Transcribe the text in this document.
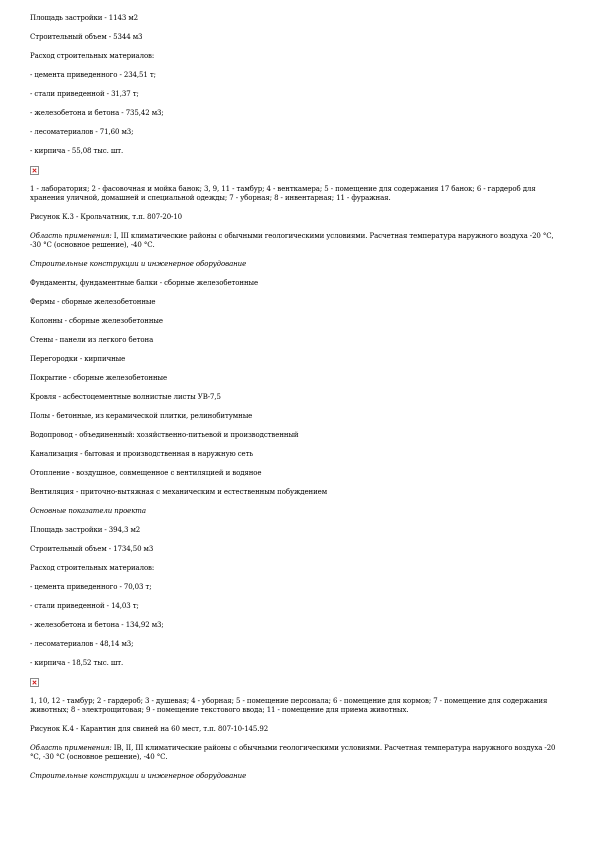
Площадь застройки - 1143 м2

Строительный объем - 5344 м3

Расход строительных материалов:

- цемента приведенного - 234,51 т;

- стали приведенной - 31,37 т;

- железобетона и бетона - 735,42 м3;

- лесоматериалов - 71,60 м3;

- кирпича - 55,08 тыс. шт.

1 - лаборатория; 2 - фасовочная и мойка банок; 3, 9, 11 - тамбур; 4 - венткамера; 5 - помещение для содержания 17 банок; 6 - гардероб для хранения уличной, домашней и специальной одежды; 7 - уборная; 8 - инвентарная; 11 - фуражная.

Рисунок К.3 - Крольчатник, т.п. 807-20-10

Область применения: I, III климатические районы с обычными геологическими условиями. Расчетная температура наружного воздуха -20 °С, -30 °С (основное решение), -40 °С.

Строительные конструкции и инженерное оборудование

Фундаменты, фундаментные балки - сборные железобетонные

Фермы - сборные железобетонные

Колонны - сборные железобетонные

Стены - панели из легкого бетона

Перегородки - кирпичные

Покрытие - сборные железобетонные

Кровля - асбестоцементные волнистые листы УВ-7,5

Полы - бетонные, из керамической плитки, релинобитумные

Водопровод - объединенный: хозяйственно-питьевой и производственный

Канализация - бытовая и производственная в наружную сеть

Отопление - воздушное, совмещенное с вентиляцией и водяное

Вентиляция - приточно-вытяжная с механическим и естественным побуждением

Основные показатели проекта

Площадь застройки - 394,3 м2

Строительный объем - 1734,50 м3

Расход строительных материалов:

- цемента приведенного - 70,03 т;

- стали приведенной - 14,03 т;

- железобетона и бетона - 134,92 м3;

- лесоматериалов - 48,14 м3;

- кирпича - 18,52 тыс. шт.

1, 10, 12 - тамбур; 2 - гардероб; 3 - душевая; 4 - уборная; 5 - помещение персонала; 6 - помещение для кормов; 7 - помещение для содержания животных; 8 - электрощитовая; 9 - помещение текстового ввода; 11 - помещение для приема животных.

Рисунок К.4 - Карантин для свиней на 60 мест, т.п. 807-10-145.92

Область применения: IB, II, III климатические районы с обычными геологическими условиями. Расчетная температура наружного воздуха -20 °С, -30 °С (основное решение), -40 °С.

Строительные конструкции и инженерное оборудование
